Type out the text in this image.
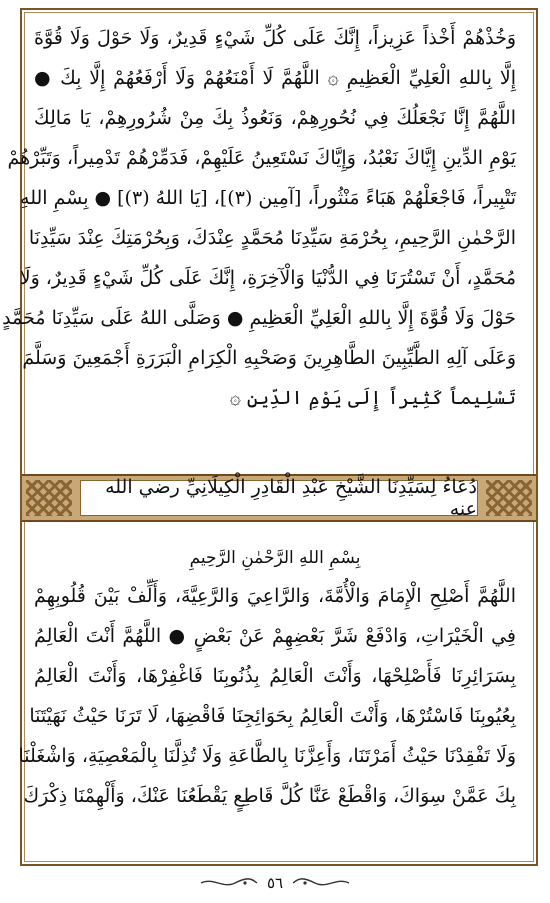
وَخُذْهُمْ أَخْذاً عَزِيزاً، إِنَّكَ عَلَى كُلِّ شَيْءٍ قَدِيرٌ، وَلَا حَوْلَ وَلَا قُوَّةَ
إِلَّا بِاللهِ الْعَلِيِّ الْعَظِيمِ ۞ اللَّهُمَّ لَا أَمْنَعُهُمْ وَلَا أَرْفَعُهُمْ إِلَّا بِكَ ●
اللَّهُمَّ إِنَّا نَجْعَلُكَ فِي نُحُورِهِمْ، وَنَعُوذُ بِكَ مِنْ شُرُورِهِمْ، يَا مَالِكَ
يَوْمِ الدِّينِ إِيَّاكَ نَعْبُدُ، وَإِيَّاكَ نَسْتَعِينُ عَلَيْهِمْ، فَدَمِّرْهُمْ تَدْمِيراً، وَتَبِّرْهُمْ
تَتْبِيراً، فَاجْعَلْهُمْ هَبَاءً مَنْثُوراً، [آمِين (٣)]، [يَا اللهُ (٣)] ● بِسْمِ اللهِ
الرَّحْمٰنِ الرَّحِيمِ، بِحُرْمَةِ سَيِّدِنَا مُحَمَّدٍ عِنْدَكَ، وَبِحُرْمَتِكَ عِنْدَ سَيِّدِنَا
مُحَمَّدٍ، أَنْ تَسْتُرَنَا فِي الدُّنْيَا وَالْآخِرَةِ، إِنَّكَ عَلَى كُلِّ شَيْءٍ قَدِيرٌ، وَلَا
حَوْلَ وَلَا قُوَّةَ إِلَّا بِاللهِ الْعَلِيِّ الْعَظِيمِ ● وَصَلَّى اللهُ عَلَى سَيِّدِنَا مُحَمَّدٍ
وَعَلَى آلِهِ الطَّيِّبِينَ الطَّاهِرِينَ وَصَحْبِهِ الْكِرَامِ الْبَرَرَةِ أَجْمَعِينَ وَسَلَّمَ
تَسْلِيماً كَثِيراً إِلَى يَوْمِ الدِّينِ ۞
دُعَاءُ لِسَيِّدِنَا الشَّيْخِ عَبْدِ الْقَادِرِ الْكِيلَانِيِّ رضي الله عنه
بِسْمِ اللهِ الرَّحْمٰنِ الرَّحِيمِ
اللَّهُمَّ أَصْلِحِ الْإِمَامَ وَالْأُمَّةَ، وَالرَّاعِيَ وَالرَّعِيَّةَ، وَأَلِّفْ بَيْنَ قُلُوبِهِمْ
فِي الْخَيْرَاتِ، وَادْفَعْ شَرَّ بَعْضِهِمْ عَنْ بَعْضٍ ● اللَّهُمَّ أَنْتَ الْعَالِمُ
بِسَرَائِرِنَا فَأَصْلِحْهَا، وَأَنْتَ الْعَالِمُ بِذُنُوبِنَا فَاغْفِرْهَا، وَأَنْتَ الْعَالِمُ
بِعُيُوبِنَا فَاسْتُرْهَا، وَأَنْتَ الْعَالِمُ بِحَوَائِجِنَا فَاقْضِهَا، لَا تَرَنَا حَيْثُ نَهَيْتَنَا
وَلَا تَفْقِدْنَا حَيْثُ أَمَرْتَنَا، وَأَعِزَّنَا بِالطَّاعَةِ وَلَا تُذِلَّنَا بِالْمَعْصِيَةِ، وَاشْغَلْنَا
بِكَ عَمَّنْ سِوَاكَ، وَاقْطَعْ عَنَّا كُلَّ قَاطِعٍ يَقْطَعُنَا عَنْكَ، وَأَلْهِمْنَا ذِكْرَكَ
٥٦
